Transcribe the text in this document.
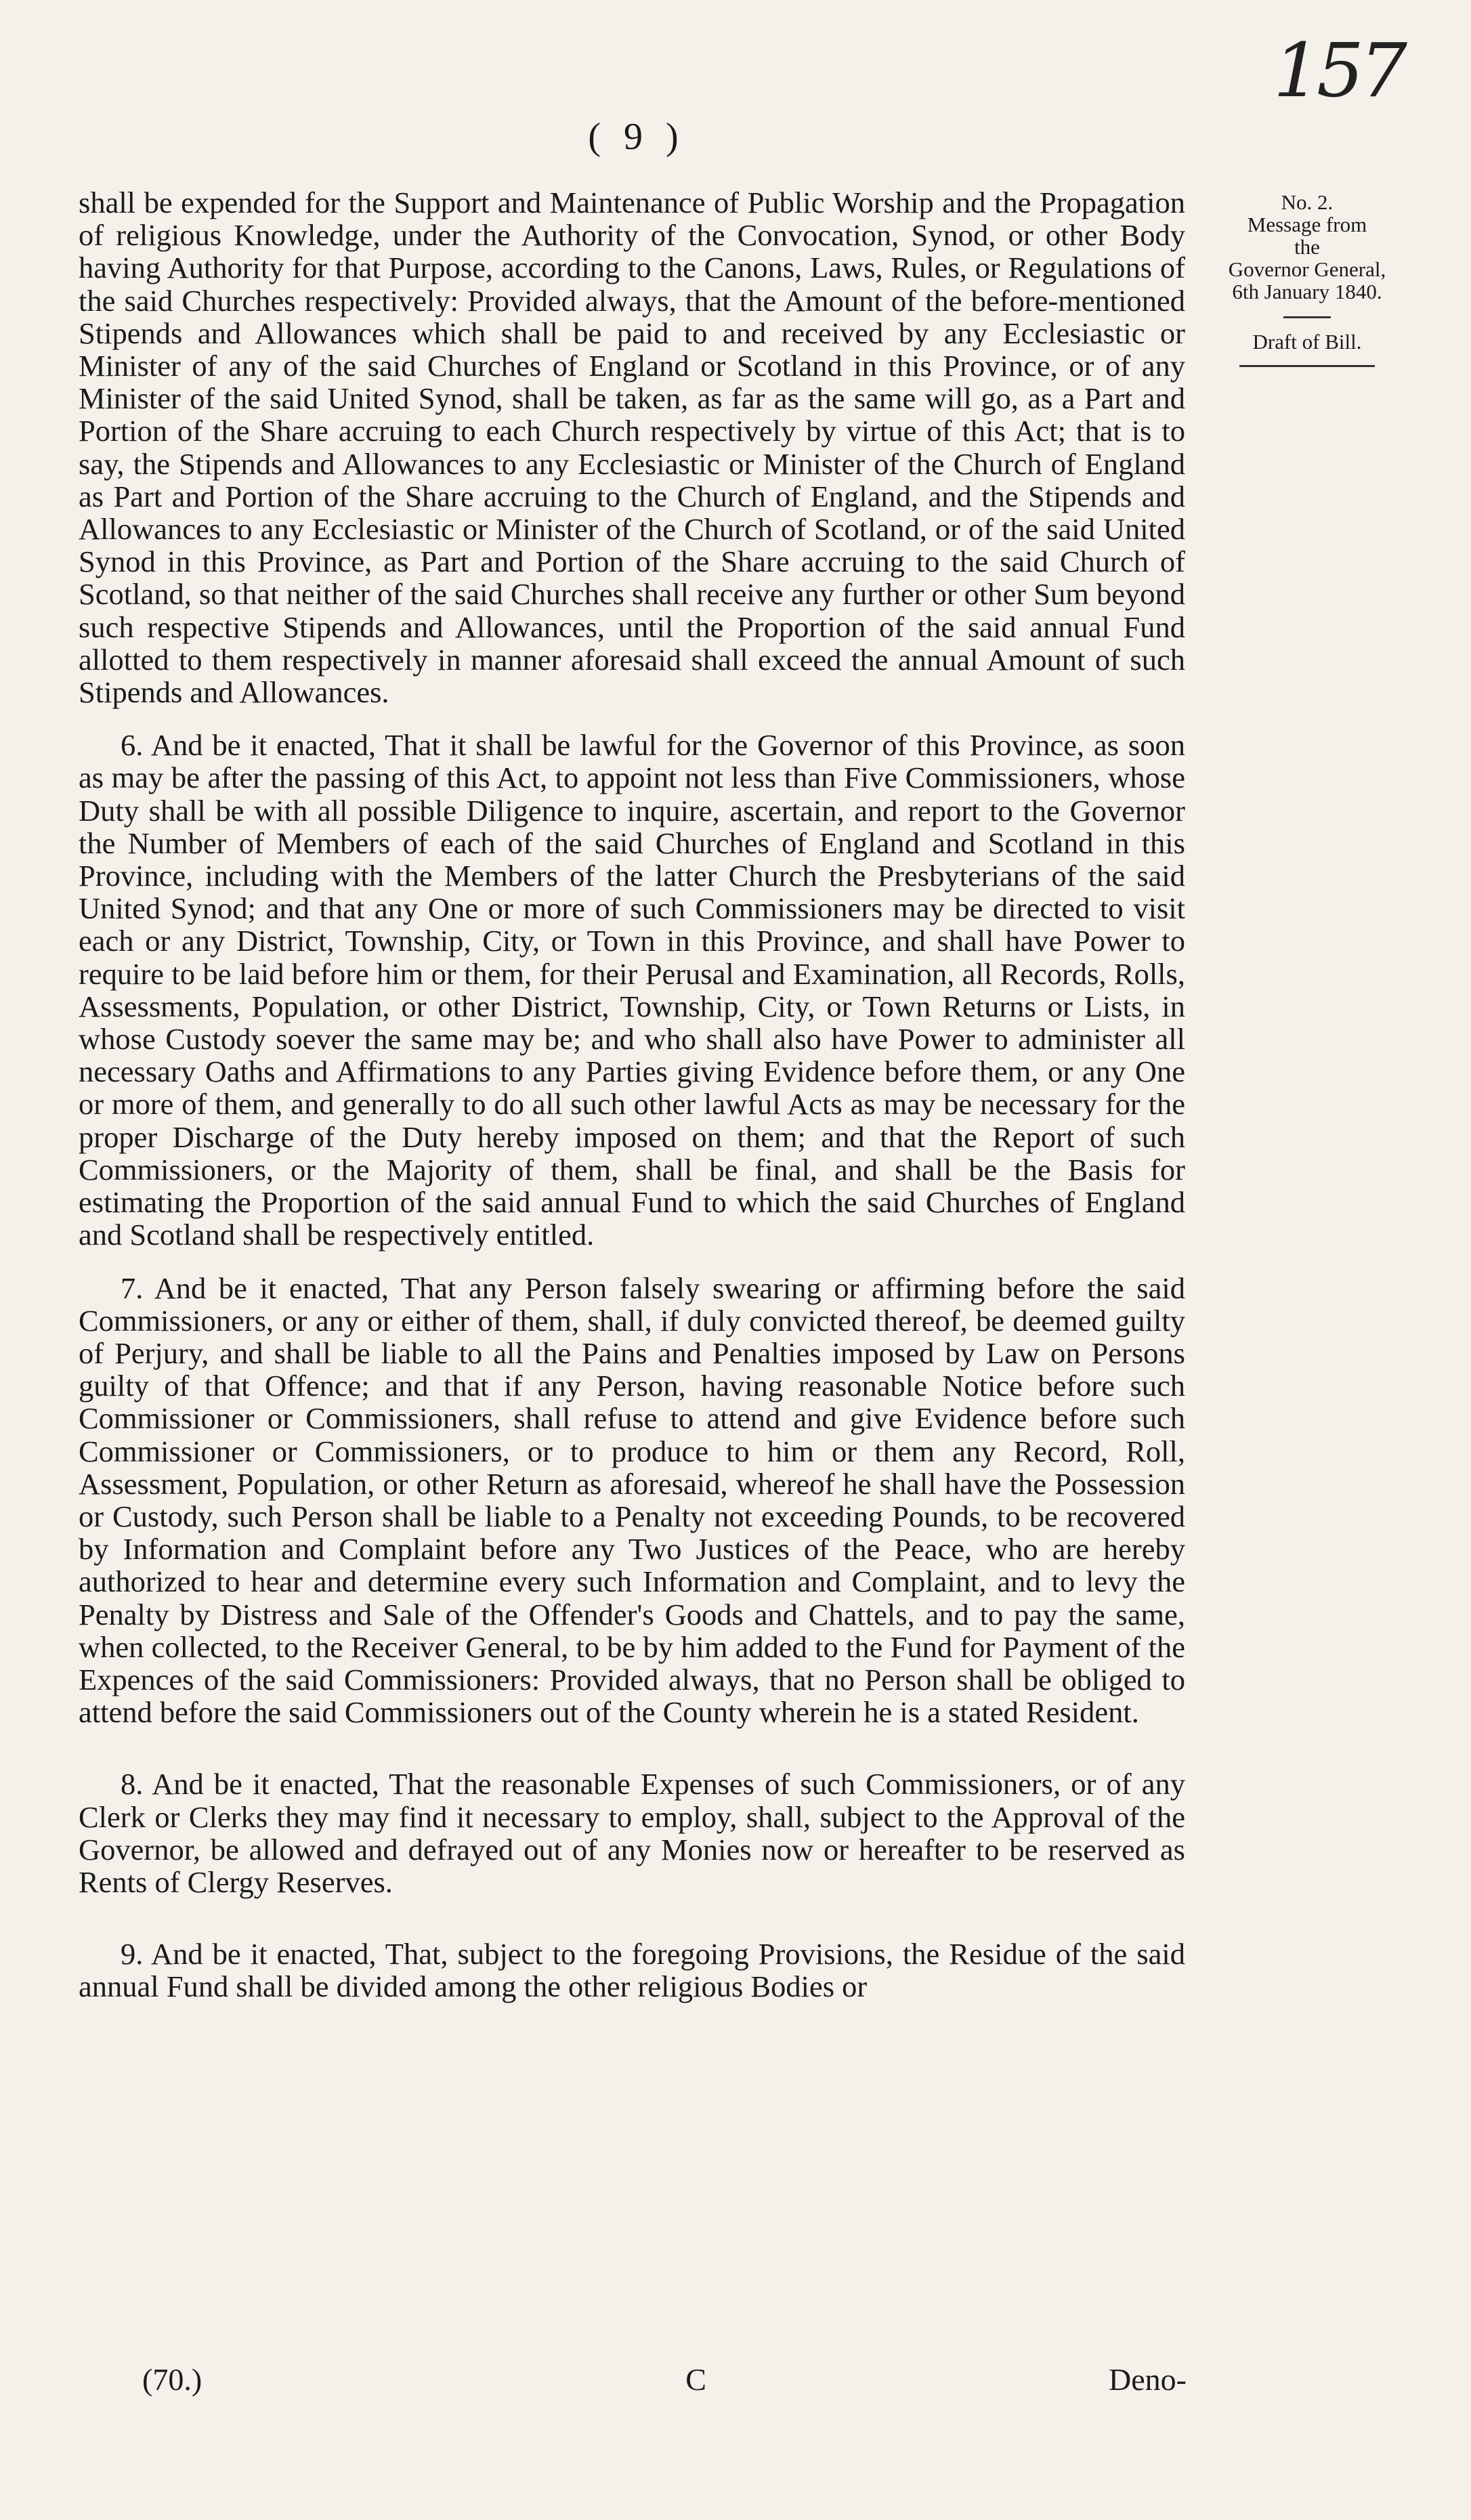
157
( 9 )
No. 2.
Message from
the
Governor General,
6th January 1840.
Draft of Bill.

shall be expended for the Support and Maintenance of Public Worship and the Propagation of religious Knowledge, under the Authority of the Convocation, Synod, or other Body having Authority for that Purpose, according to the Canons, Laws, Rules, or Regulations of the said Churches respectively: Provided always, that the Amount of the before-mentioned Stipends and Allowances which shall be paid to and received by any Ecclesiastic or Minister of any of the said Churches of England or Scotland in this Province, or of any Minister of the said United Synod, shall be taken, as far as the same will go, as a Part and Portion of the Share accruing to each Church respectively by virtue of this Act; that is to say, the Stipends and Allowances to any Ecclesiastic or Minister of the Church of England as Part and Portion of the Share accruing to the Church of England, and the Stipends and Allowances to any Ecclesiastic or Minister of the Church of Scotland, or of the said United Synod in this Province, as Part and Portion of the Share accruing to the said Church of Scotland, so that neither of the said Churches shall receive any further or other Sum beyond such respective Stipends and Allowances, until the Proportion of the said annual Fund allotted to them respectively in manner aforesaid shall exceed the annual Amount of such Stipends and Allowances.

6. And be it enacted, That it shall be lawful for the Governor of this Province, as soon as may be after the passing of this Act, to appoint not less than Five Commissioners, whose Duty shall be with all possible Diligence to inquire, ascertain, and report to the Governor the Number of Members of each of the said Churches of England and Scotland in this Province, including with the Members of the latter Church the Presbyterians of the said United Synod; and that any One or more of such Commissioners may be directed to visit each or any District, Township, City, or Town in this Province, and shall have Power to require to be laid before him or them, for their Perusal and Examination, all Records, Rolls, Assessments, Population, or other District, Township, City, or Town Returns or Lists, in whose Custody soever the same may be; and who shall also have Power to administer all necessary Oaths and Affirmations to any Parties giving Evidence before them, or any One or more of them, and generally to do all such other lawful Acts as may be necessary for the proper Discharge of the Duty hereby imposed on them; and that the Report of such Commissioners, or the Majority of them, shall be final, and shall be the Basis for estimating the Proportion of the said annual Fund to which the said Churches of England and Scotland shall be respectively entitled.

7. And be it enacted, That any Person falsely swearing or affirming before the said Commissioners, or any or either of them, shall, if duly convicted thereof, be deemed guilty of Perjury, and shall be liable to all the Pains and Penalties imposed by Law on Persons guilty of that Offence; and that if any Person, having reasonable Notice before such Commissioner or Commissioners, shall refuse to attend and give Evidence before such Commissioner or Commissioners, or to produce to him or them any Record, Roll, Assessment, Population, or other Return as aforesaid, whereof he shall have the Possession or Custody, such Person shall be liable to a Penalty not exceeding Pounds, to be recovered by Information and Complaint before any Two Justices of the Peace, who are hereby authorized to hear and determine every such Information and Complaint, and to levy the Penalty by Distress and Sale of the Offender's Goods and Chattels, and to pay the same, when collected, to the Receiver General, to be by him added to the Fund for Payment of the Expences of the said Commissioners: Provided always, that no Person shall be obliged to attend before the said Commissioners out of the County wherein he is a stated Resident.

8. And be it enacted, That the reasonable Expenses of such Commissioners, or of any Clerk or Clerks they may find it necessary to employ, shall, subject to the Approval of the Governor, be allowed and defrayed out of any Monies now or hereafter to be reserved as Rents of Clergy Reserves.

9. And be it enacted, That, subject to the foregoing Provisions, the Residue of the said annual Fund shall be divided among the other religious Bodies or

(70.)	C	Deno-
